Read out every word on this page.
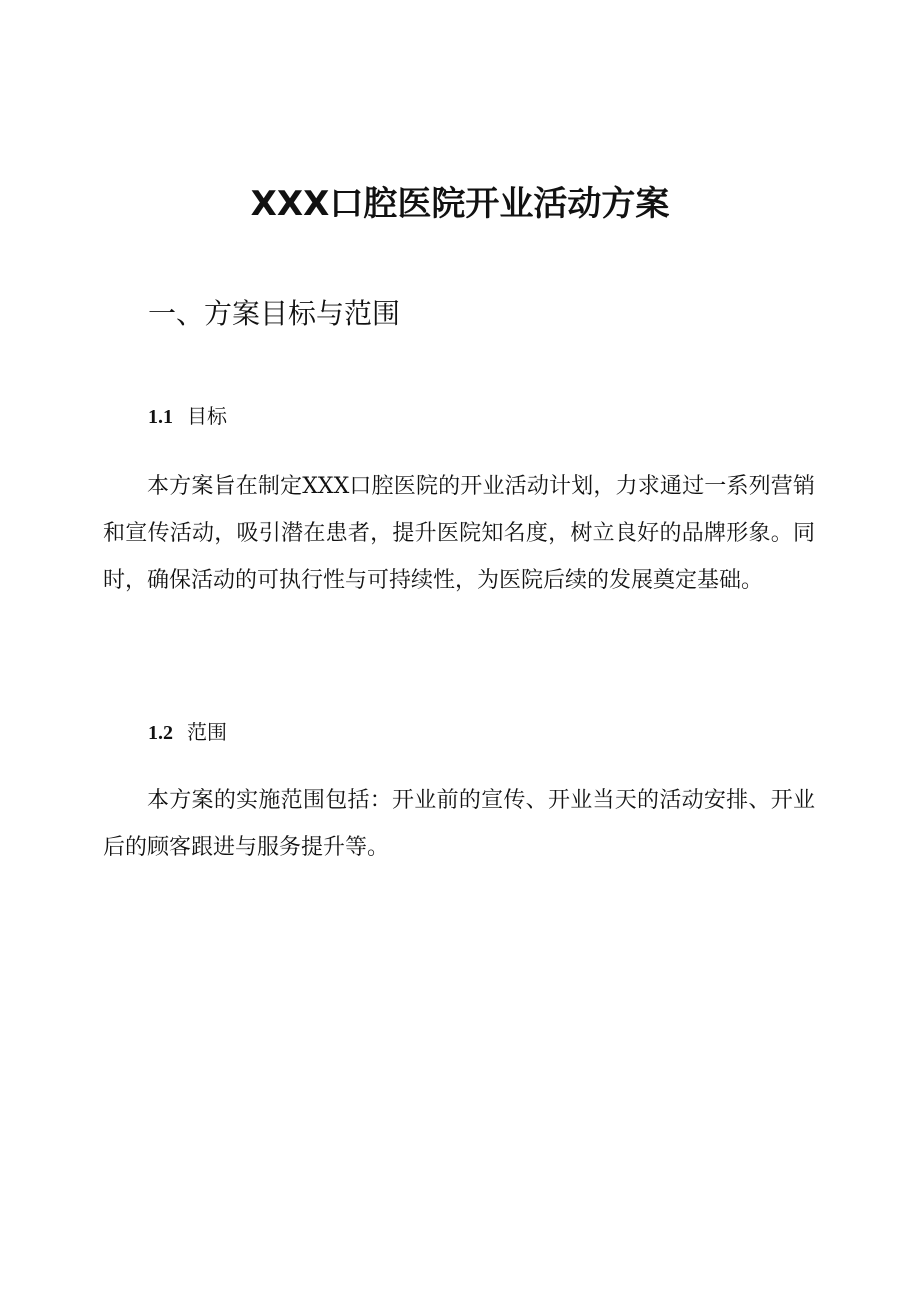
XXX口腔医院开业活动方案
一、方案目标与范围
1.1 目标

本方案旨在制定XXX口腔医院的开业活动计划，力求通过一系列营销和宣传活动，吸引潜在患者，提升医院知名度，树立良好的品牌形象。同时，确保活动的可执行性与可持续性，为医院后续的发展奠定基础。

1.2 范围

本方案的实施范围包括：开业前的宣传、开业当天的活动安排、开业后的顾客跟进与服务提升等。
